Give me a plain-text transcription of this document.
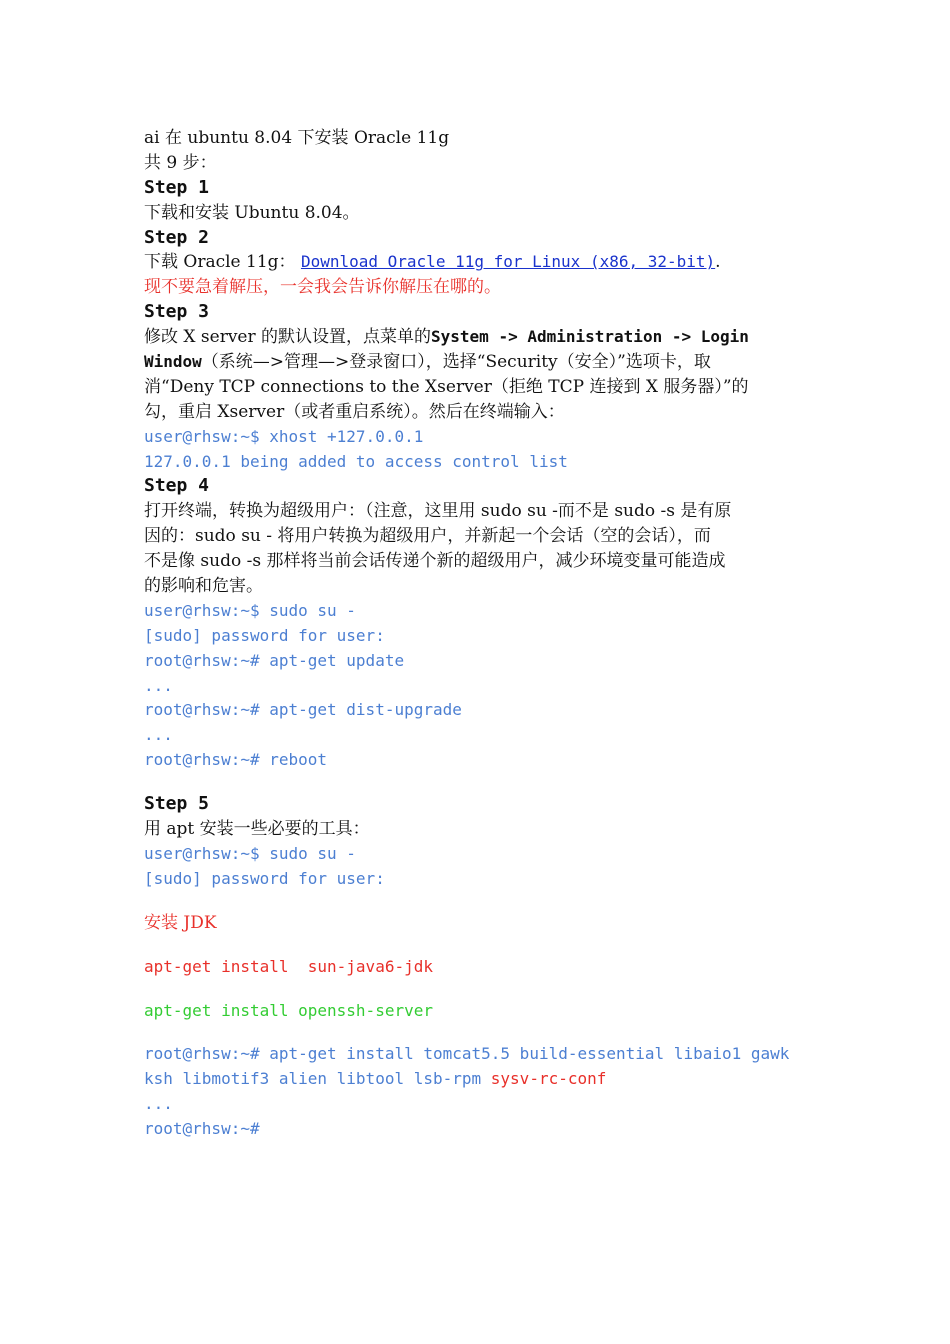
ai 在 ubuntu 8.04 下安装 Oracle 11g
共 9 步：
Step 1
下载和安装 Ubuntu 8.04。
Step 2
下载 Oracle 11g： Download Oracle 11g for Linux (x86, 32-bit).
现不要急着解压，一会我会告诉你解压在哪的。
Step 3
修改 X server 的默认设置，点菜单的System -> Administration -> Login
Window（系统—>管理—>登录窗口），选择“Security（安全）”选项卡，取
消“Deny TCP connections to the Xserver（拒绝 TCP 连接到 X 服务器）”的
勾，重启 Xserver（或者重启系统）。然后在终端输入：
user@rhsw:~$ xhost +127.0.0.1
127.0.0.1 being added to access control list
Step 4
打开终端，转换为超级用户：（注意，这里用 sudo su -而不是 sudo -s 是有原
因的：sudo su - 将用户转换为超级用户，并新起一个会话（空的会话），而
不是像 sudo -s 那样将当前会话传递个新的超级用户，减少环境变量可能造成
的影响和危害。
user@rhsw:~$ sudo su -
[sudo] password for user:
root@rhsw:~# apt-get update
...
root@rhsw:~# apt-get dist-upgrade
...
root@rhsw:~# reboot
Step 5
用 apt 安装一些必要的工具：
user@rhsw:~$ sudo su -
[sudo] password for user:
安装 JDK
apt-get install  sun-java6-jdk
apt-get install openssh-server
root@rhsw:~# apt-get install tomcat5.5 build-essential libaio1 gawk
ksh libmotif3 alien libtool lsb-rpm sysv-rc-conf
...
root@rhsw:~#
